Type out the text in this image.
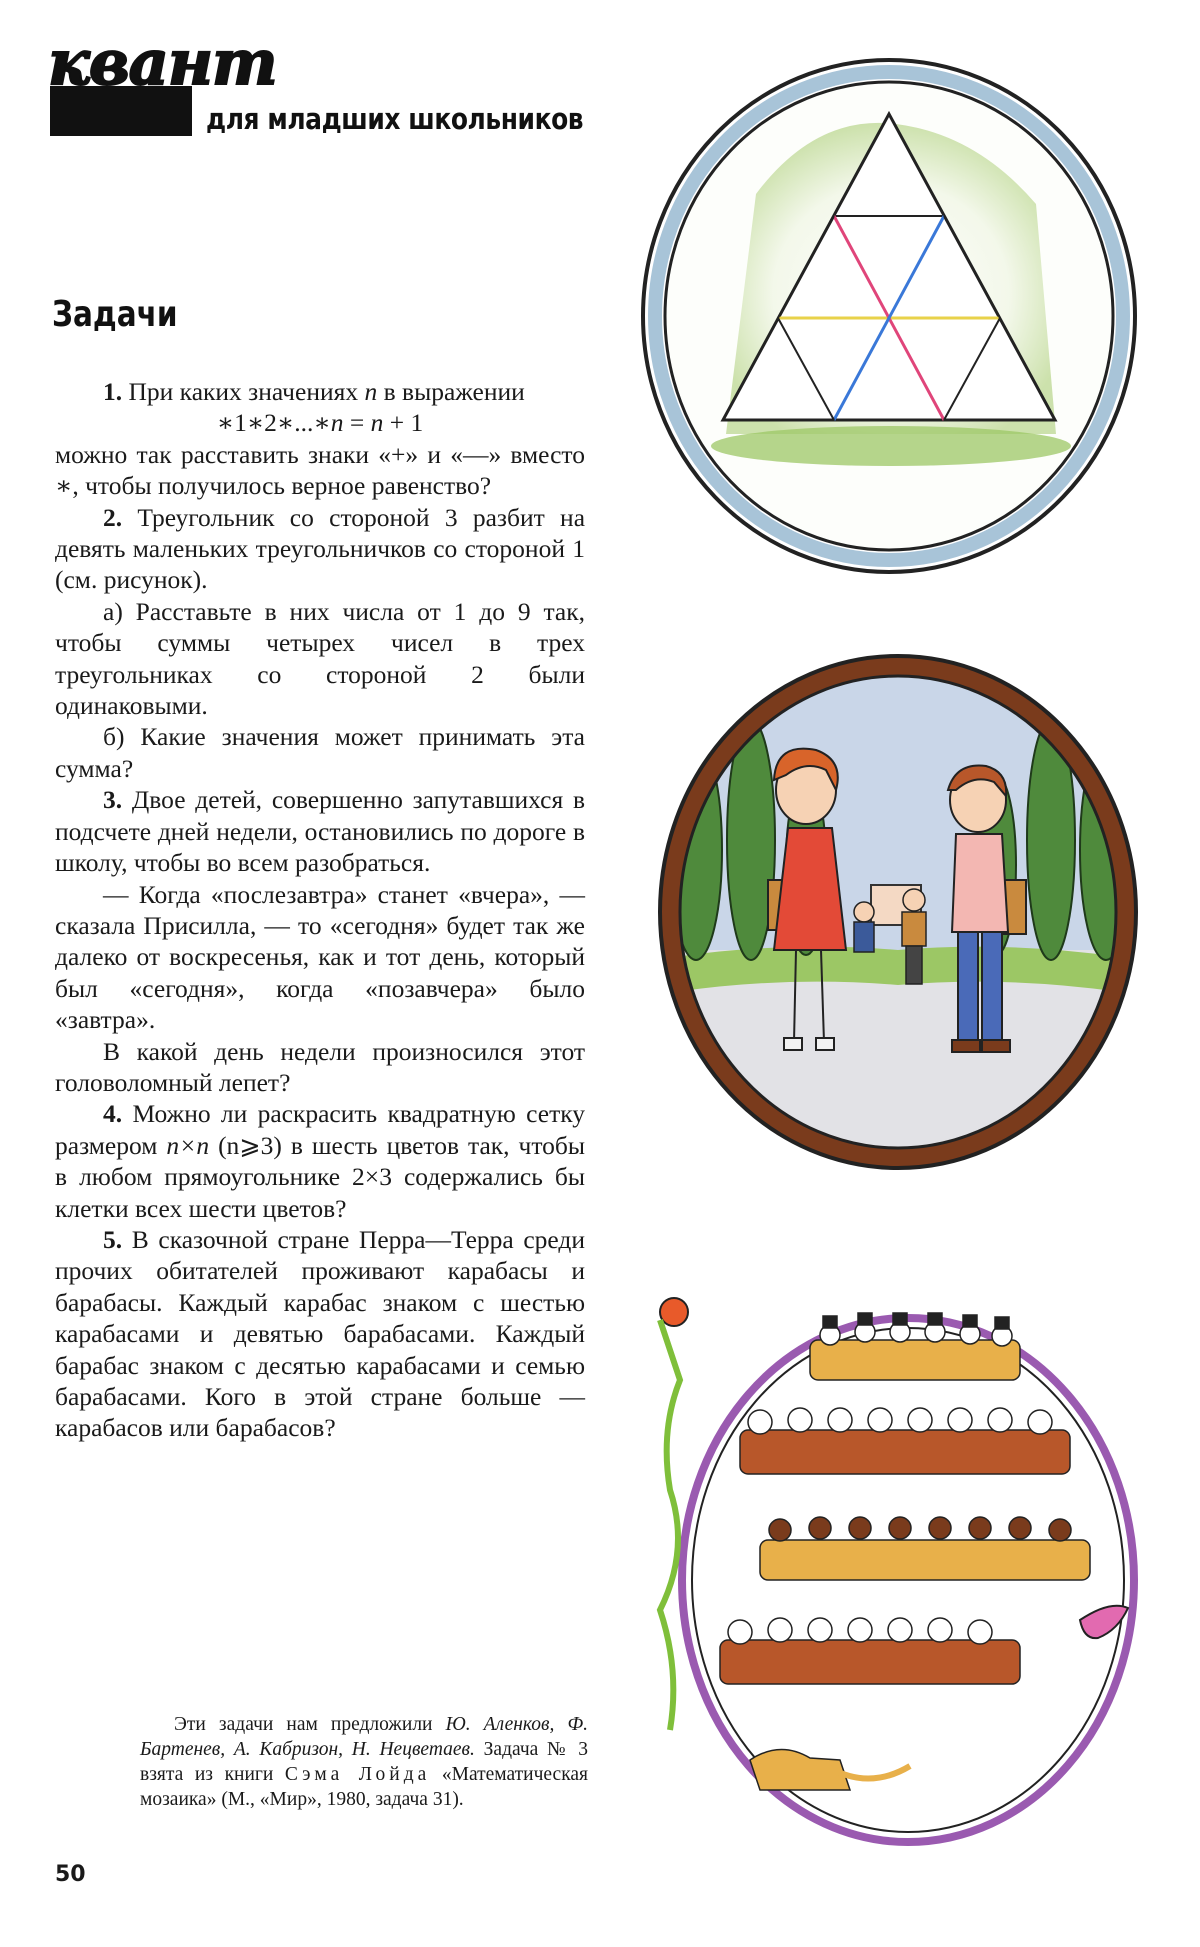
квант
для младших школьников
Задачи

1. При каких значениях n в выражении

∗1∗2∗...∗n = n + 1

можно так расставить знаки «+» и «—» вместо ∗, чтобы получилось верное равенство?

2. Треугольник со стороной 3 разбит на девять маленьких треугольничков со стороной 1 (см. рисунок).

а) Расставьте в них числа от 1 до 9 так, чтобы суммы четырех чисел в трех треугольниках со стороной 2 были одинаковыми.

б) Какие значения может принимать эта сумма?

3. Двое детей, совершенно запутавшихся в подсчете дней недели, остановились по дороге в школу, чтобы во всем разобраться.

— Когда «послезавтра» станет «вчера», — сказала Присилла, — то «сегодня» будет так же далеко от воскресенья, как и тот день, который был «сегодня», когда «позавчера» было «завтра».

В какой день недели произносился этот головоломный лепет?

4. Можно ли раскрасить квадратную сетку размером n×n (n⩾3) в шесть цветов так, чтобы в любом прямоугольнике 2×3 содержались бы клетки всех шести цветов?

5. В сказочной стране Перра—Терра среди прочих обитателей проживают карабасы и барабасы. Каждый карабас знаком с шестью карабасами и девятью барабасами. Каждый барабас знаком с десятью карабасами и семью барабасами. Кого в этой стране больше — карабасов или барабасов?

Эти задачи нам предложили Ю. Аленков, Ф. Бартенев, А. Кабризон, Н. Нецветаев. Задача № 3 взята из книги Сэма Лойда «Математическая мозаика» (М., «Мир», 1980, задача 31).

50
